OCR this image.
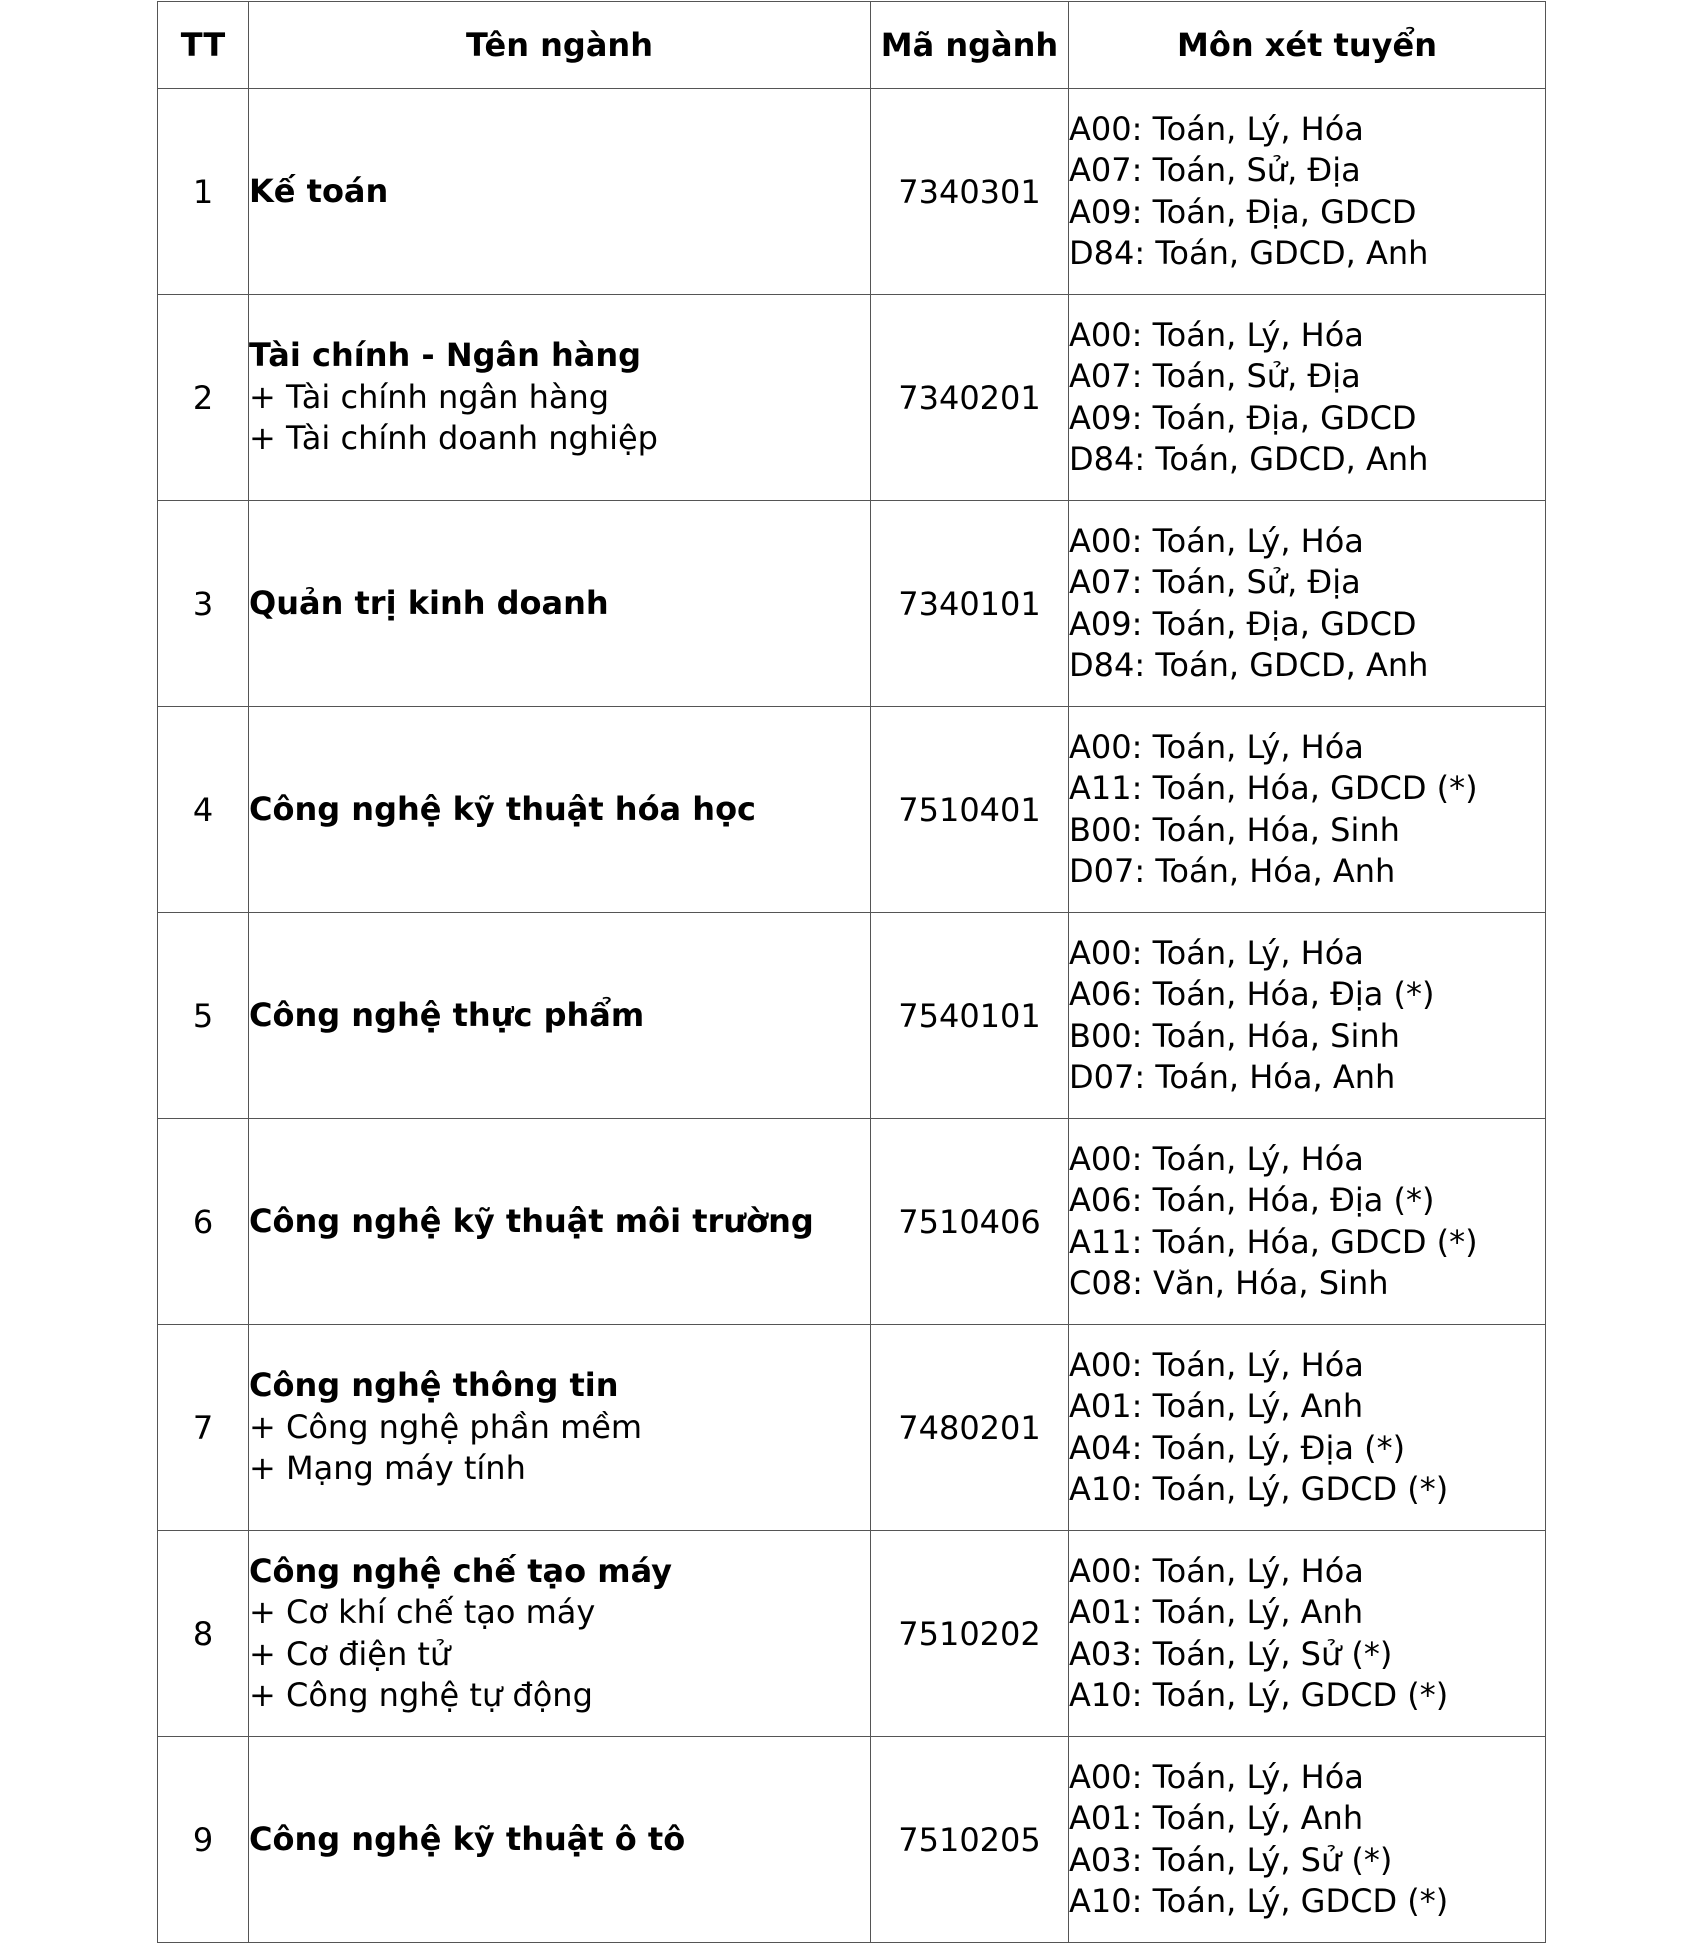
TT	Tên ngành	Mã ngành	Môn xét tuyển
1	Kế toán	7340301	A00: Toán, Lý, Hóa
A07: Toán, Sử, Địa
A09: Toán, Địa, GDCD
D84: Toán, GDCD, Anh

2	Tài chính - Ngân hàng
+ Tài chính ngân hàng
+ Tài chính doanh nghiệp	7340201	A00: Toán, Lý, Hóa
A07: Toán, Sử, Địa
A09: Toán, Địa, GDCD
D84: Toán, GDCD, Anh

3	Quản trị kinh doanh	7340101	A00: Toán, Lý, Hóa
A07: Toán, Sử, Địa
A09: Toán, Địa, GDCD
D84: Toán, GDCD, Anh

4	Công nghệ kỹ thuật hóa học	7510401	A00: Toán, Lý, Hóa
A11: Toán, Hóa, GDCD (*)
B00: Toán, Hóa, Sinh
D07: Toán, Hóa, Anh

5	Công nghệ thực phẩm	7540101	A00: Toán, Lý, Hóa
A06: Toán, Hóa, Địa (*)
B00: Toán, Hóa, Sinh
D07: Toán, Hóa, Anh

6	Công nghệ kỹ thuật môi trường	7510406	A00: Toán, Lý, Hóa
A06: Toán, Hóa, Địa (*)
A11: Toán, Hóa, GDCD (*)
C08: Văn, Hóa, Sinh

7	Công nghệ thông tin
+ Công nghệ phần mềm
+ Mạng máy tính	7480201	A00: Toán, Lý, Hóa
A01: Toán, Lý, Anh
A04: Toán, Lý, Địa (*)
A10: Toán, Lý, GDCD (*)

8	Công nghệ chế tạo máy
+ Cơ khí chế tạo máy
+ Cơ điện tử
+ Công nghệ tự động	7510202	A00: Toán, Lý, Hóa
A01: Toán, Lý, Anh
A03: Toán, Lý, Sử (*)
A10: Toán, Lý, GDCD (*)

9	Công nghệ kỹ thuật ô tô	7510205	A00: Toán, Lý, Hóa
A01: Toán, Lý, Anh
A03: Toán, Lý, Sử (*)
A10: Toán, Lý, GDCD (*)
